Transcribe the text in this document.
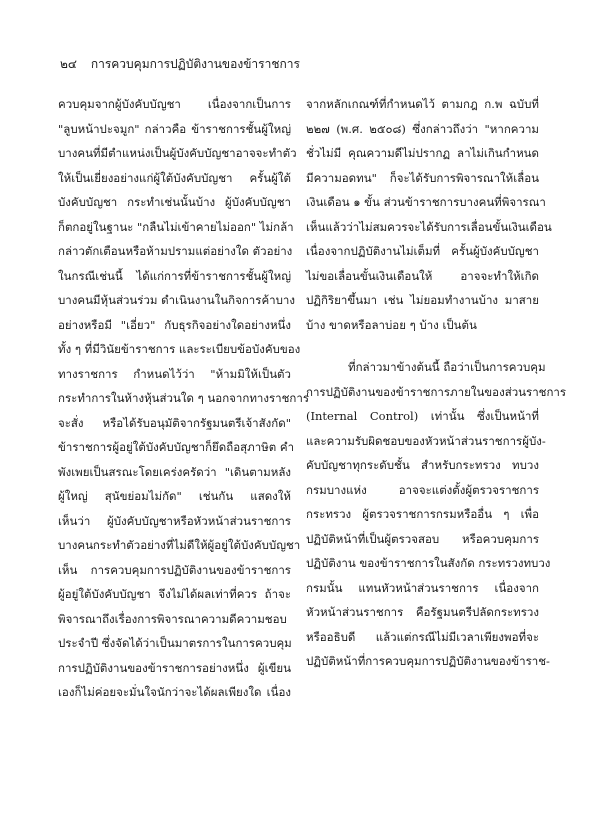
๒๔ การควบคุมการปฏิบัติงานของข้าราชการ
ควบคุมจากผู้บังคับบัญชา เนื่องจากเป็นการ
"ลูบหน้าปะจมูก" กล่าวคือ ข้าราชการชั้นผู้ใหญ่
บางคนที่มีตำแหน่งเป็นผู้บังคับบัญชาอาจจะทำตัว
ให้เป็นเยี่ยงอย่างแก่ผู้ใต้บังคับบัญชา ครั้นผู้ใต้
บังคับบัญชา กระทำเช่นนั้นบ้าง ผู้บังคับบัญชา
ก็ตกอยู่ในฐานะ "กลืนไม่เข้าคายไม่ออก" ไม่กล้า
กล่าวตักเตือนหรือห้ามปรามแต่อย่างใด ตัวอย่าง
ในกรณีเช่นนี้ ได้แก่การที่ข้าราชการชั้นผู้ใหญ่
บางคนมีหุ้นส่วนร่วม ดำเนินงานในกิจการค้าบาง
อย่างหรือมี "เอี่ยว" กับธุรกิจอย่างใดอย่างหนึ่ง
ทั้ง ๆ ที่มีวินัยข้าราชการ และระเบียบข้อบังคับของ
ทางราชการ กำหนดไว้ว่า "ห้ามมิให้เป็นตัว
กระทำการในห้างหุ้นส่วนใด ๆ นอกจากทางราชการ
จะสั่ง หรือได้รับอนุมัติจากรัฐมนตรีเจ้าสังกัด"
ข้าราชการผู้อยู่ใต้บังคับบัญชาก็ยึดถือสุภาษิต คำ
พังเพยเป็นสรณะโดยเคร่งครัดว่า "เดินตามหลัง
ผู้ใหญ่ สุนัขย่อมไม่กัด" เช่นกัน แสดงให้
เห็นว่า ผู้บังคับบัญชาหรือหัวหน้าส่วนราชการ
บางคนกระทำตัวอย่างที่ไม่ดีให้ผู้อยู่ใต้บังคับบัญชา
เห็น การควบคุมการปฏิบัติงานของข้าราชการ
ผู้อยู่ใต้บังคับบัญชา จึงไม่ได้ผลเท่าที่ควร ถ้าจะ
พิจารณาถึงเรื่องการพิจารณาความดีความชอบ
ประจำปี ซึ่งจัดได้ว่าเป็นมาตรการในการควบคุม
การปฏิบัติงานของข้าราชการอย่างหนึ่ง ผู้เขียน
เองก็ไม่ค่อยจะมั่นใจนักว่าจะได้ผลเพียงใด เนื่อง
จากหลักเกณฑ์ที่กำหนดไว้ ตามกฎ ก.พ ฉบับที่
๒๒๗ (พ.ศ. ๒๕๐๘) ซึ่งกล่าวถึงว่า "หากความ
ชั่วไม่มี คุณความดีไม่ปรากฏ ลาไม่เกินกำหนด
มีความอดทน" ก็จะได้รับการพิจารณาให้เลื่อน
เงินเดือน ๑ ขั้น ส่วนข้าราชการบางคนที่พิจารณา
เห็นแล้วว่าไม่สมควรจะได้รับการเลื่อนขั้นเงินเดือน
เนื่องจากปฏิบัติงานไม่เต็มที่ ครั้นผู้บังคับบัญชา
ไม่ขอเลื่อนขั้นเงินเดือนให้ อาจจะทำให้เกิด
ปฏิกิริยาขึ้นมา เช่น ไม่ยอมทำงานบ้าง มาสาย
บ้าง ขาดหรือลาบ่อย ๆ บ้าง เป็นต้น
ที่กล่าวมาข้างต้นนี้ ถือว่าเป็นการควบคุม
การปฏิบัติงานของข้าราชการภายในของส่วนราชการ
(Internal Control) เท่านั้น ซึ่งเป็นหน้าที่
และความรับผิดชอบของหัวหน้าส่วนราชการผู้บัง-
คับบัญชาทุกระดับชั้น สำหรับกระทรวง ทบวง
กรมบางแห่ง อาจจะแต่งตั้งผู้ตรวจราชการ
กระทรวง ผู้ตรวจราชการกรมหรืออื่น ๆ เพื่อ
ปฏิบัติหน้าที่เป็นผู้ตรวจสอบ หรือควบคุมการ
ปฏิบัติงาน ของข้าราชการในสังกัด กระทรวงทบวง
กรมนั้น แทนหัวหน้าส่วนราชการ เนื่องจาก
หัวหน้าส่วนราชการ คือรัฐมนตรีปลัดกระทรวง
หรืออธิบดี แล้วแต่กรณีไม่มีเวลาเพียงพอที่จะ
ปฏิบัติหน้าที่การควบคุมการปฏิบัติงานของข้าราช-
